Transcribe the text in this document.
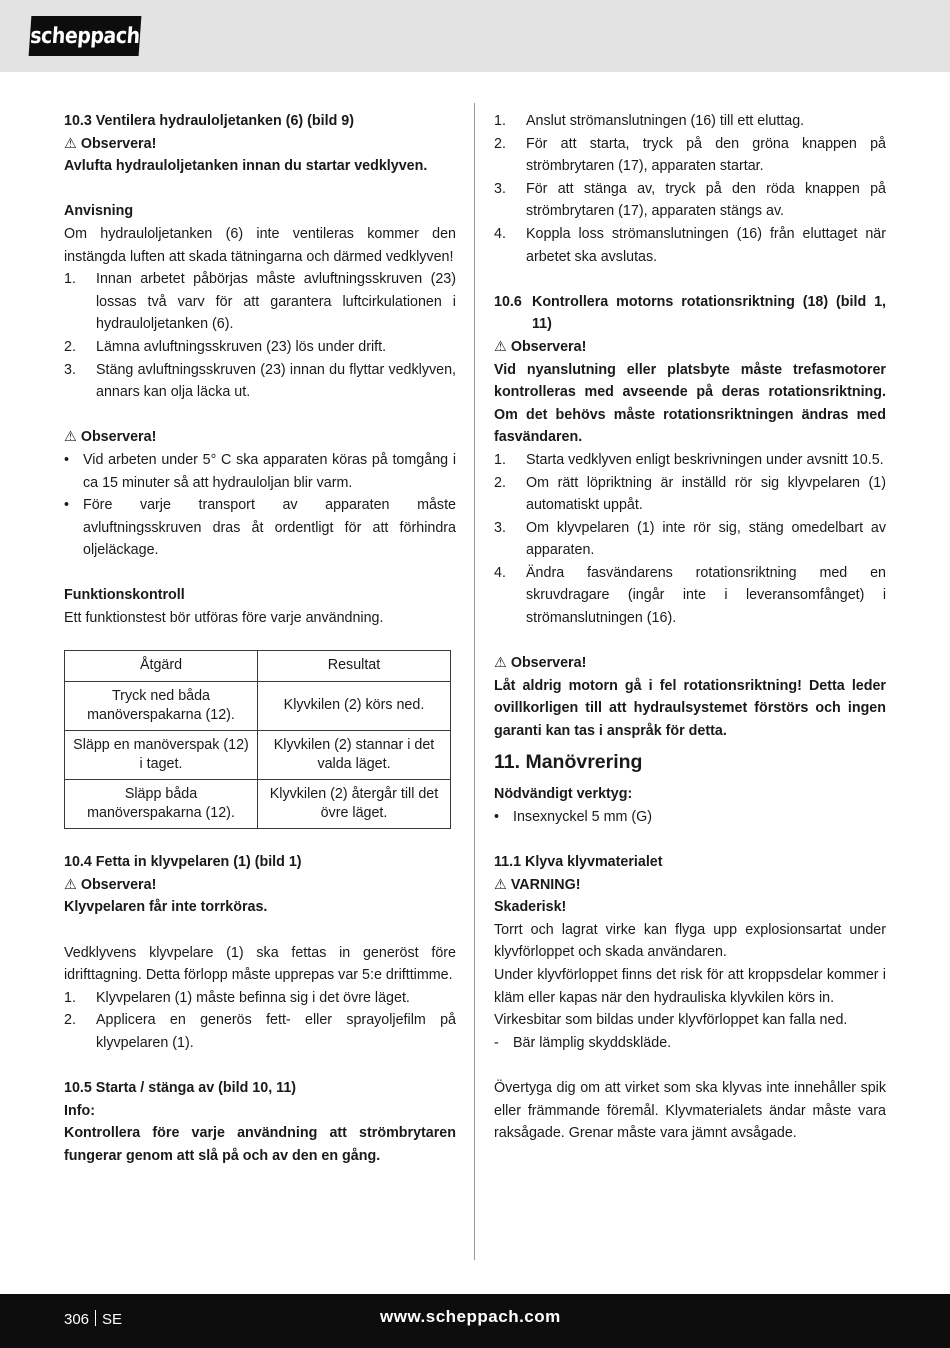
scheppach

10.3 Ventilera hydrauloljetanken (6) (bild 9)

⚠ Observera!

Avlufta hydrauloljetanken innan du startar vedklyven.

Anvisning

Om hydrauloljetanken (6) inte ventileras kommer den instängda luften att skada tätningarna och därmed vedklyven!

1.	Innan arbetet påbörjas måste avluftningsskruven (23) lossas två varv för att garantera luftcirkulationen i hydrauloljetanken (6).
2.	Lämna avluftningsskruven (23) lös under drift.
3.	Stäng avluftningsskruven (23) innan du flyttar vedklyven, annars kan olja läcka ut.

⚠ Observera!

• Vid arbeten under 5° C ska apparaten köras på tomgång i ca 15 minuter så att hydrauloljan blir varm.
• Före varje transport av apparaten måste avluftningsskruven dras åt ordentligt för att förhindra oljeläckage.

Funktionskontroll

Ett funktionstest bör utföras före varje användning.

Åtgärd	Resultat
Tryck ned båda manöverspakarna (12).	Klyvkilen (2) körs ned.
Släpp en manöverspak (12) i taget.	Klyvkilen (2) stannar i det valda läget.
Släpp båda manöverspakarna (12).	Klyvkilen (2) återgår till det övre läget.

10.4 Fetta in klyvpelaren (1) (bild 1)

⚠ Observera!

Klyvpelaren får inte torrköras.

Vedklyvens klyvpelare (1) ska fettas in generöst före idrifttagning. Detta förlopp måste upprepas var 5:e drifttimme.

1.	Klyvpelaren (1) måste befinna sig i det övre läget.
2.	Applicera en generös fett- eller sprayoljefilm på klyvpelaren (1).

10.5 Starta / stänga av (bild 10, 11)

Info:

Kontrollera före varje användning att strömbrytaren fungerar genom att slå på och av den en gång.

1.	Anslut strömanslutningen (16) till ett eluttag.
2.	För att starta, tryck på den gröna knappen på strömbrytaren (17), apparaten startar.
3.	För att stänga av, tryck på den röda knappen på strömbrytaren (17), apparaten stängs av.
4.	Koppla loss strömanslutningen (16) från eluttaget när arbetet ska avslutas.
10.6 Kontrollera motorns rotationsriktning (18) (bild 1, 11)

⚠ Observera!

Vid nyanslutning eller platsbyte måste trefasmotorer kontrolleras med avseende på deras rotationsriktning. Om det behövs måste rotationsriktningen ändras med fasvändaren.

1.	Starta vedklyven enligt beskrivningen under avsnitt 10.5.
2.	Om rätt löpriktning är inställd rör sig klyvpelaren (1) automatiskt uppåt.
3.	Om klyvpelaren (1) inte rör sig, stäng omedelbart av apparaten.
4.	Ändra fasvändarens rotationsriktning med en skruvdragare (ingår inte i leveransomfånget) i strömanslutningen (16).

⚠ Observera!

Låt aldrig motorn gå i fel rotationsriktning! Detta leder ovillkorligen till att hydraulsystemet förstörs och ingen garanti kan tas i anspråk för detta.

11. Manövrering

Nödvändigt verktyg:

• Insexnyckel 5 mm (G)

11.1 Klyva klyvmaterialet

⚠ VARNING!

Skaderisk!

Torrt och lagrat virke kan flyga upp explosionsartat under klyvförloppet och skada användaren.

Under klyvförloppet finns det risk för att kroppsdelar kommer i kläm eller kapas när den hydrauliska klyvkilen körs in.

Virkesbitar som bildas under klyvförloppet kan falla ned.

- Bär lämplig skyddskläde.

Övertyga dig om att virket som ska klyvas inte innehåller spik eller främmande föremål. Klyvmaterialets ändar måste vara raksågade. Grenar måste vara jämnt avsågade.

306 SE	www.scheppach.com
